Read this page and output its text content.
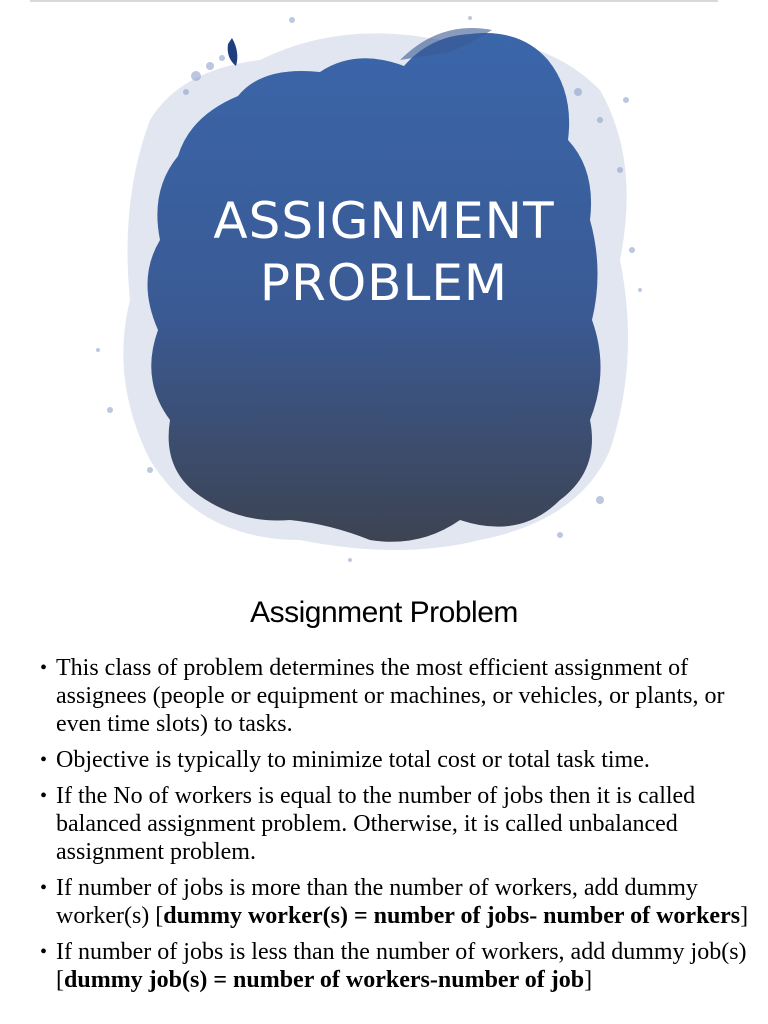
ASSIGNMENT
PROBLEM
Assignment Problem
• This class of problem determines the most efficient assignment of assignees (people or equipment or machines, or vehicles, or plants, or even time slots) to tasks.
• Objective is typically to minimize total cost or total task time.
• If the No of workers is equal to the number of jobs then it is called balanced assignment problem. Otherwise, it is called unbalanced assignment problem.
• If number of jobs is more than the number of workers, add dummy worker(s) [dummy worker(s) = number of jobs- number of workers]
• If number of jobs is less than the number of workers, add dummy job(s) [dummy job(s) = number of workers-number of job]
